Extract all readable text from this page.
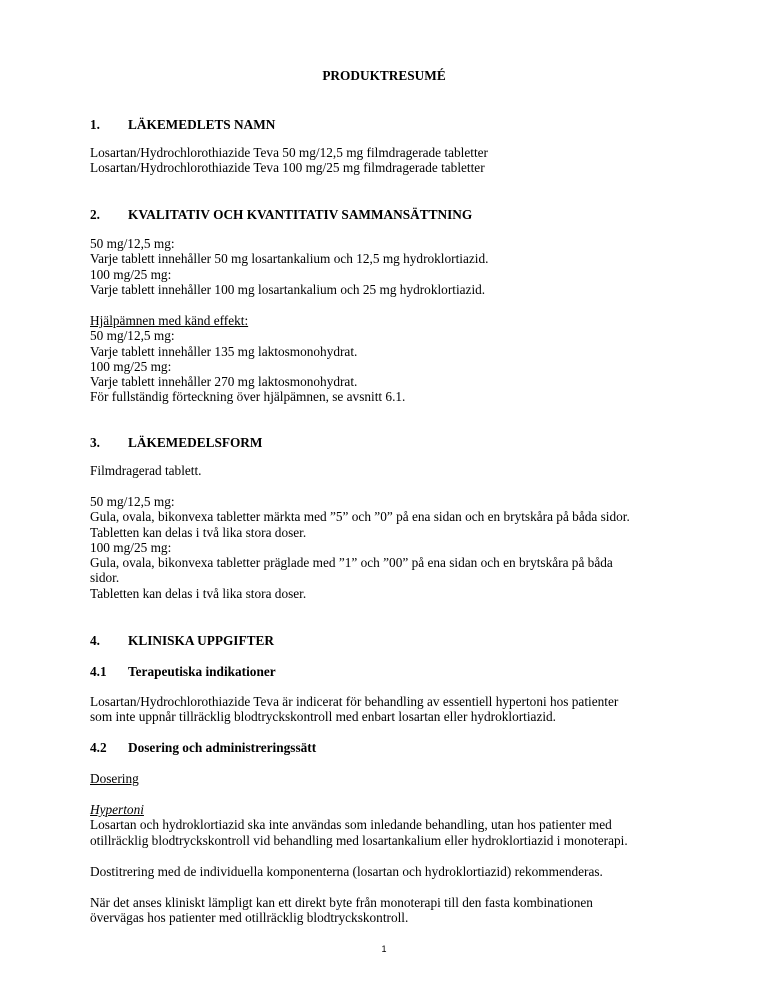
PRODUKTRESUMÉ
1. LÄKEMEDLETS NAMN
Losartan/Hydrochlorothiazide Teva 50 mg/12,5 mg filmdragerade tabletter
Losartan/Hydrochlorothiazide Teva 100 mg/25 mg filmdragerade tabletter
2. KVALITATIV OCH KVANTITATIV SAMMANSÄTTNING
50 mg/12,5 mg:
Varje tablett innehåller 50 mg losartankalium och 12,5 mg hydroklortiazid.
100 mg/25 mg:
Varje tablett innehåller 100 mg losartankalium och 25 mg hydroklortiazid.
Hjälpämnen med känd effekt:
50 mg/12,5 mg:
Varje tablett innehåller 135 mg laktosmonohydrat.
100 mg/25 mg:
Varje tablett innehåller 270 mg laktosmonohydrat.
För fullständig förteckning över hjälpämnen, se avsnitt 6.1.
3. LÄKEMEDELSFORM
Filmdragerad tablett.
50 mg/12,5 mg:
Gula, ovala, bikonvexa tabletter märkta med ”5” och ”0” på ena sidan och en brytskåra på båda sidor.
Tabletten kan delas i två lika stora doser.
100 mg/25 mg:
Gula, ovala, bikonvexa tabletter präglade med ”1” och ”00” på ena sidan och en brytskåra på båda
sidor.
Tabletten kan delas i två lika stora doser.
4. KLINISKA UPPGIFTER
4.1 Terapeutiska indikationer
Losartan/Hydrochlorothiazide Teva är indicerat för behandling av essentiell hypertoni hos patienter
som inte uppnår tillräcklig blodtryckskontroll med enbart losartan eller hydroklortiazid.
4.2 Dosering och administreringssätt
Dosering
Hypertoni
Losartan och hydroklortiazid ska inte användas som inledande behandling, utan hos patienter med
otillräcklig blodtryckskontroll vid behandling med losartankalium eller hydroklortiazid i monoterapi.
Dostitrering med de individuella komponenterna (losartan och hydroklortiazid) rekommenderas.
När det anses kliniskt lämpligt kan ett direkt byte från monoterapi till den fasta kombinationen
övervägas hos patienter med otillräcklig blodtryckskontroll.
1
